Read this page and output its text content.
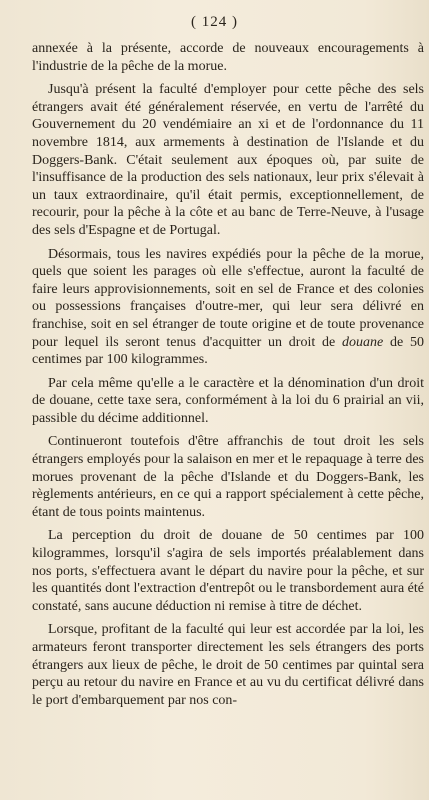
( 124 )

annexée à la présente, accorde de nouveaux encouragements à l'industrie de la pêche de la morue.

Jusqu'à présent la faculté d'employer pour cette pêche des sels étrangers avait été généralement réservée, en vertu de l'arrêté du Gouvernement du 20 vendémiaire an xi et de l'ordonnance du 11 novembre 1814, aux armements à destination de l'Islande et du Doggers-Bank. C'était seulement aux époques où, par suite de l'insuffisance de la production des sels nationaux, leur prix s'élevait à un taux extraordinaire, qu'il était permis, exceptionnellement, de recourir, pour la pêche à la côte et au banc de Terre-Neuve, à l'usage des sels d'Espagne et de Portugal.

Désormais, tous les navires expédiés pour la pêche de la morue, quels que soient les parages où elle s'effectue, auront la faculté de faire leurs approvisionnements, soit en sel de France et des colonies ou possessions françaises d'outre-mer, qui leur sera délivré en franchise, soit en sel étranger de toute origine et de toute provenance pour lequel ils seront tenus d'acquitter un droit de douane de 50 centimes par 100 kilogrammes.

Par cela même qu'elle a le caractère et la dénomination d'un droit de douane, cette taxe sera, conformément à la loi du 6 prairial an vii, passible du décime additionnel.

Continueront toutefois d'être affranchis de tout droit les sels étrangers employés pour la salaison en mer et le repaquage à terre des morues provenant de la pêche d'Islande et du Doggers-Bank, les règlements antérieurs, en ce qui a rapport spécialement à cette pêche, étant de tous points maintenus.

La perception du droit de douane de 50 centimes par 100 kilogrammes, lorsqu'il s'agira de sels importés préalablement dans nos ports, s'effectuera avant le départ du navire pour la pêche, et sur les quantités dont l'extraction d'entrepôt ou le transbordement aura été constaté, sans aucune déduction ni remise à titre de déchet.

Lorsque, profitant de la faculté qui leur est accordée par la loi, les armateurs feront transporter directement les sels étrangers des ports étrangers aux lieux de pêche, le droit de 50 centimes par quintal sera perçu au retour du navire en France et au vu du certificat délivré dans le port d'embarquement par nos con-
